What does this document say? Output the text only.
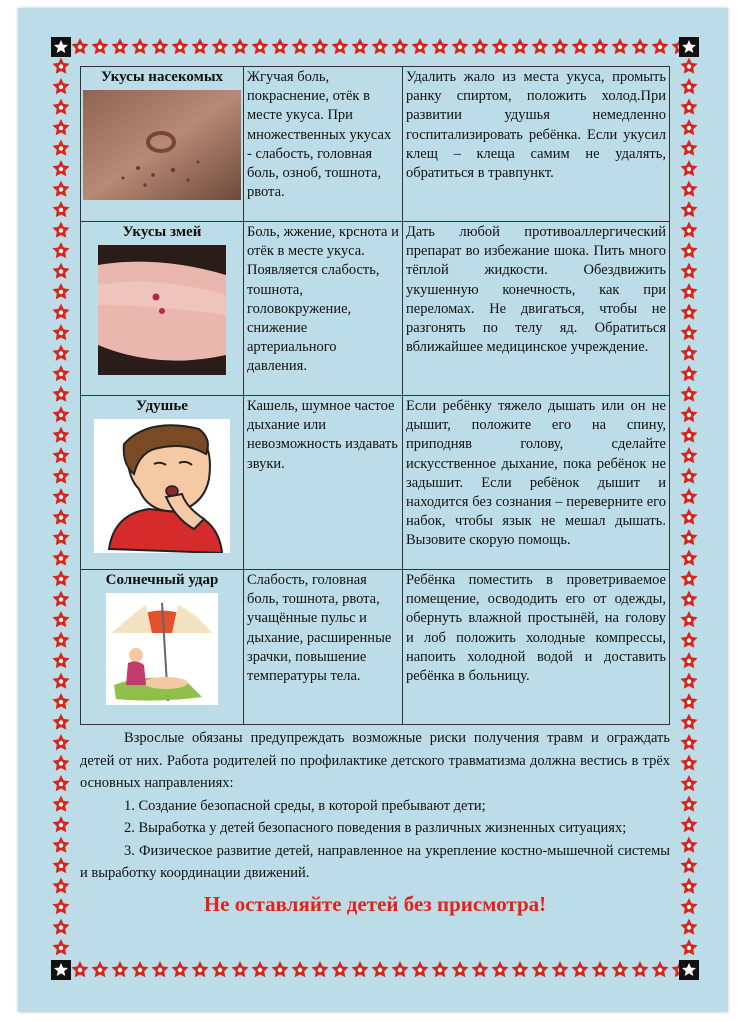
Укусы насекомых	Жгучая боль, покраснение, отёк в месте укуса. При множественных укусах - слабость, головная боль, озноб, тошнота, рвота.	Удалить жало из места укуса, промыть ранку спиртом, положить холод.При развитии удушья немедленно госпитализировать ребёнка. Если укусил клещ – клеща самим не удалять, обратиться в травпункт.

Укусы змей	Боль, жжение, крснота и отёк в месте укуса. Появляется слабость, тошнота, головокружение, снижение артериального давления.	Дать любой противоаллергический препарат во избежание шока. Пить много тёплой жидкости. Обездвижить укушенную конечность, как при переломах. Не двигаться, чтобы не разгонять по телу яд. Обратиться вближайшее медицинское учреждение.

Удушье	Кашель, шумное частое дыхание или невозможность издавать звуки.	Если ребёнку тяжело дышать или он не дышит, положите его на спину, приподняв голову, сделайте искусственное дыхание, пока ребёнок не задышит. Если ребёнок дышит и находится без сознания – переверните его набок, чтобы язык не мешал дышать. Вызовите скорую помощь.

Солнечный удар	Слабость, головная боль, тошнота, рвота, учащённые пульс и дыхание, расширенные зрачки, повышение температуры тела.	Ребёнка поместить в проветриваемое помещение, освододить его от одежды, обернуть влажной простынёй, на голову и лоб положить холодные компрессы, напоить холодной водой и доставить ребёнка в больницу.

Взрослые обязаны предупреждать возможные риски получения травм и ограждать детей от них. Работа родителей по профилактике детского травматизма должна вестись в трёх основных направлениях:

1. Создание безопасной среды, в которой пребывают дети;

2. Выработка у детей безопасного поведения в различных жизненных ситуациях;

3. Физическое развитие детей, направленное на укрепление костно-мышечной системы и выработку координации движений.

Не оставляйте детей без присмотра!
